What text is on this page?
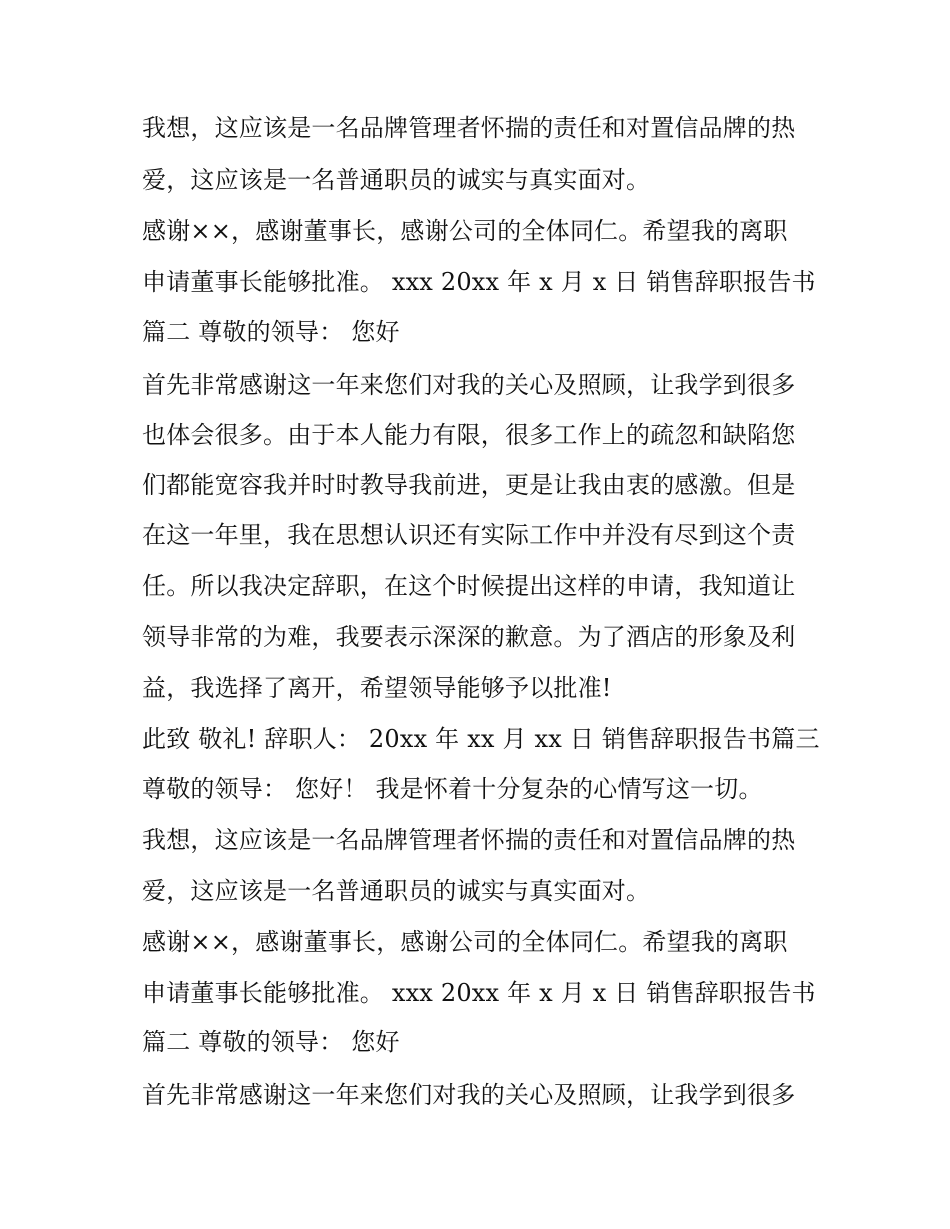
我想，这应该是一名品牌管理者怀揣的责任和对置信品牌的热
爱，这应该是一名普通职员的诚实与真实面对。
感谢××，感谢董事长，感谢公司的全体同仁。希望我的离职
申请董事长能够批准。 xxx 20xx 年 x 月 x 日 销售辞职报告书
篇二 尊敬的领导： 您好
首先非常感谢这一年来您们对我的关心及照顾，让我学到很多
也体会很多。由于本人能力有限，很多工作上的疏忽和缺陷您
们都能宽容我并时时教导我前进，更是让我由衷的感激。但是
在这一年里，我在思想认识还有实际工作中并没有尽到这个责
任。所以我决定辞职，在这个时候提出这样的申请，我知道让
领导非常的为难，我要表示深深的歉意。为了酒店的形象及利
益，我选择了离开，希望领导能够予以批准!
此致 敬礼! 辞职人： 20xx 年 xx 月 xx 日 销售辞职报告书篇三
尊敬的领导： 您好！ 我是怀着十分复杂的心情写这一切。
我想，这应该是一名品牌管理者怀揣的责任和对置信品牌的热
爱，这应该是一名普通职员的诚实与真实面对。
感谢××，感谢董事长，感谢公司的全体同仁。希望我的离职
申请董事长能够批准。 xxx 20xx 年 x 月 x 日 销售辞职报告书
篇二 尊敬的领导： 您好
首先非常感谢这一年来您们对我的关心及照顾，让我学到很多
